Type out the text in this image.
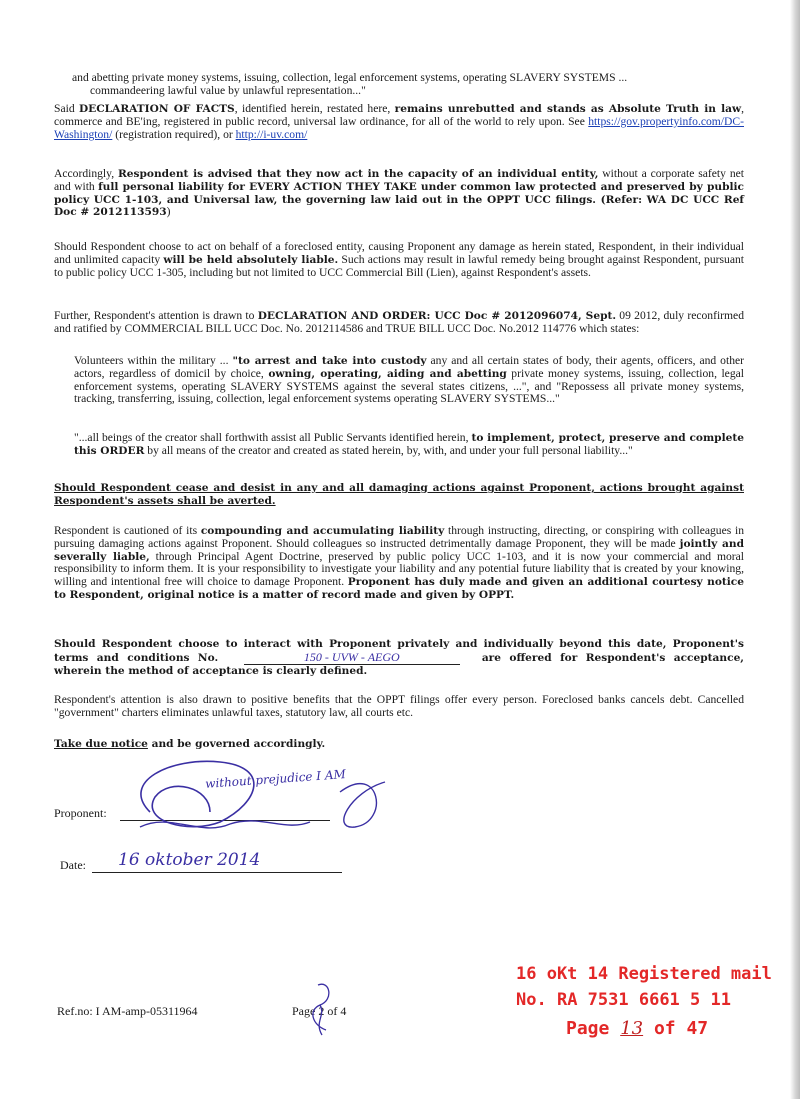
and abetting private money systems, issuing, collection, legal enforcement systems, operating SLAVERY SYSTEMS ...
commandeering lawful value by unlawful representation..."
Said DECLARATION OF FACTS, identified herein, restated here, remains unrebutted and stands as Absolute Truth in law, commerce and BE'ing, registered in public record, universal law ordinance, for all of the world to rely upon. See https://gov.propertyinfo.com/DC-Washington/ (registration required), or http://i-uv.com/
Accordingly, Respondent is advised that they now act in the capacity of an individual entity, without a corporate safety net and with full personal liability for EVERY ACTION THEY TAKE under common law protected and preserved by public policy UCC 1-103, and Universal law, the governing law laid out in the OPPT UCC filings. (Refer: WA DC UCC Ref Doc # 2012113593)
Should Respondent choose to act on behalf of a foreclosed entity, causing Proponent any damage as herein stated, Respondent, in their individual and unlimited capacity will be held absolutely liable. Such actions may result in lawful remedy being brought against Respondent, pursuant to public policy UCC 1-305, including but not limited to UCC Commercial Bill (Lien), against Respondent's assets.
Further, Respondent's attention is drawn to DECLARATION AND ORDER: UCC Doc # 2012096074, Sept. 09 2012, duly reconfirmed and ratified by COMMERCIAL BILL UCC Doc. No. 2012114586 and TRUE BILL UCC Doc. No.2012 114776 which states:
Volunteers within the military ... "to arrest and take into custody any and all certain states of body, their agents, officers, and other actors, regardless of domicil by choice, owning, operating, aiding and abetting private money systems, issuing, collection, legal enforcement systems, operating SLAVERY SYSTEMS against the several states citizens, ...", and "Repossess all private money systems, tracking, transferring, issuing, collection, legal enforcement systems operating SLAVERY SYSTEMS..."
"...all beings of the creator shall forthwith assist all Public Servants identified herein, to implement, protect, preserve and complete this ORDER by all means of the creator and created as stated herein, by, with, and under your full personal liability..."
Should Respondent cease and desist in any and all damaging actions against Proponent, actions brought against Respondent's assets shall be averted.
Respondent is cautioned of its compounding and accumulating liability through instructing, directing, or conspiring with colleagues in pursuing damaging actions against Proponent. Should colleagues so instructed detrimentally damage Proponent, they will be made jointly and severally liable, through Principal Agent Doctrine, preserved by public policy UCC 1-103, and it is now your commercial and moral responsibility to inform them. It is your responsibility to investigate your liability and any potential future liability that is created by your knowing, willing and intentional free will choice to damage Proponent. Proponent has duly made and given an additional courtesy notice to Respondent, original notice is a matter of record made and given by OPPT.
Should Respondent choose to interact with Proponent privately and individually beyond this date, Proponent's terms and conditions No.	150 - UVW - AEGO	are offered for Respondent's acceptance, wherein the method of acceptance is clearly defined.
Respondent's attention is also drawn to positive benefits that the OPPT filings offer every person. Foreclosed banks cancels debt. Cancelled "government" charters eliminates unlawful taxes, statutory law, all courts etc.
Take due notice and be governed accordingly.
Proponent:
without prejudice I AM
Date: 16 oktober 2014
Ref.no: I AM-amp-05311964	Page 2 of 4
16 oKt 14 Registered mail
No. RA 7531 6661 5 11
Page 13 of 47
